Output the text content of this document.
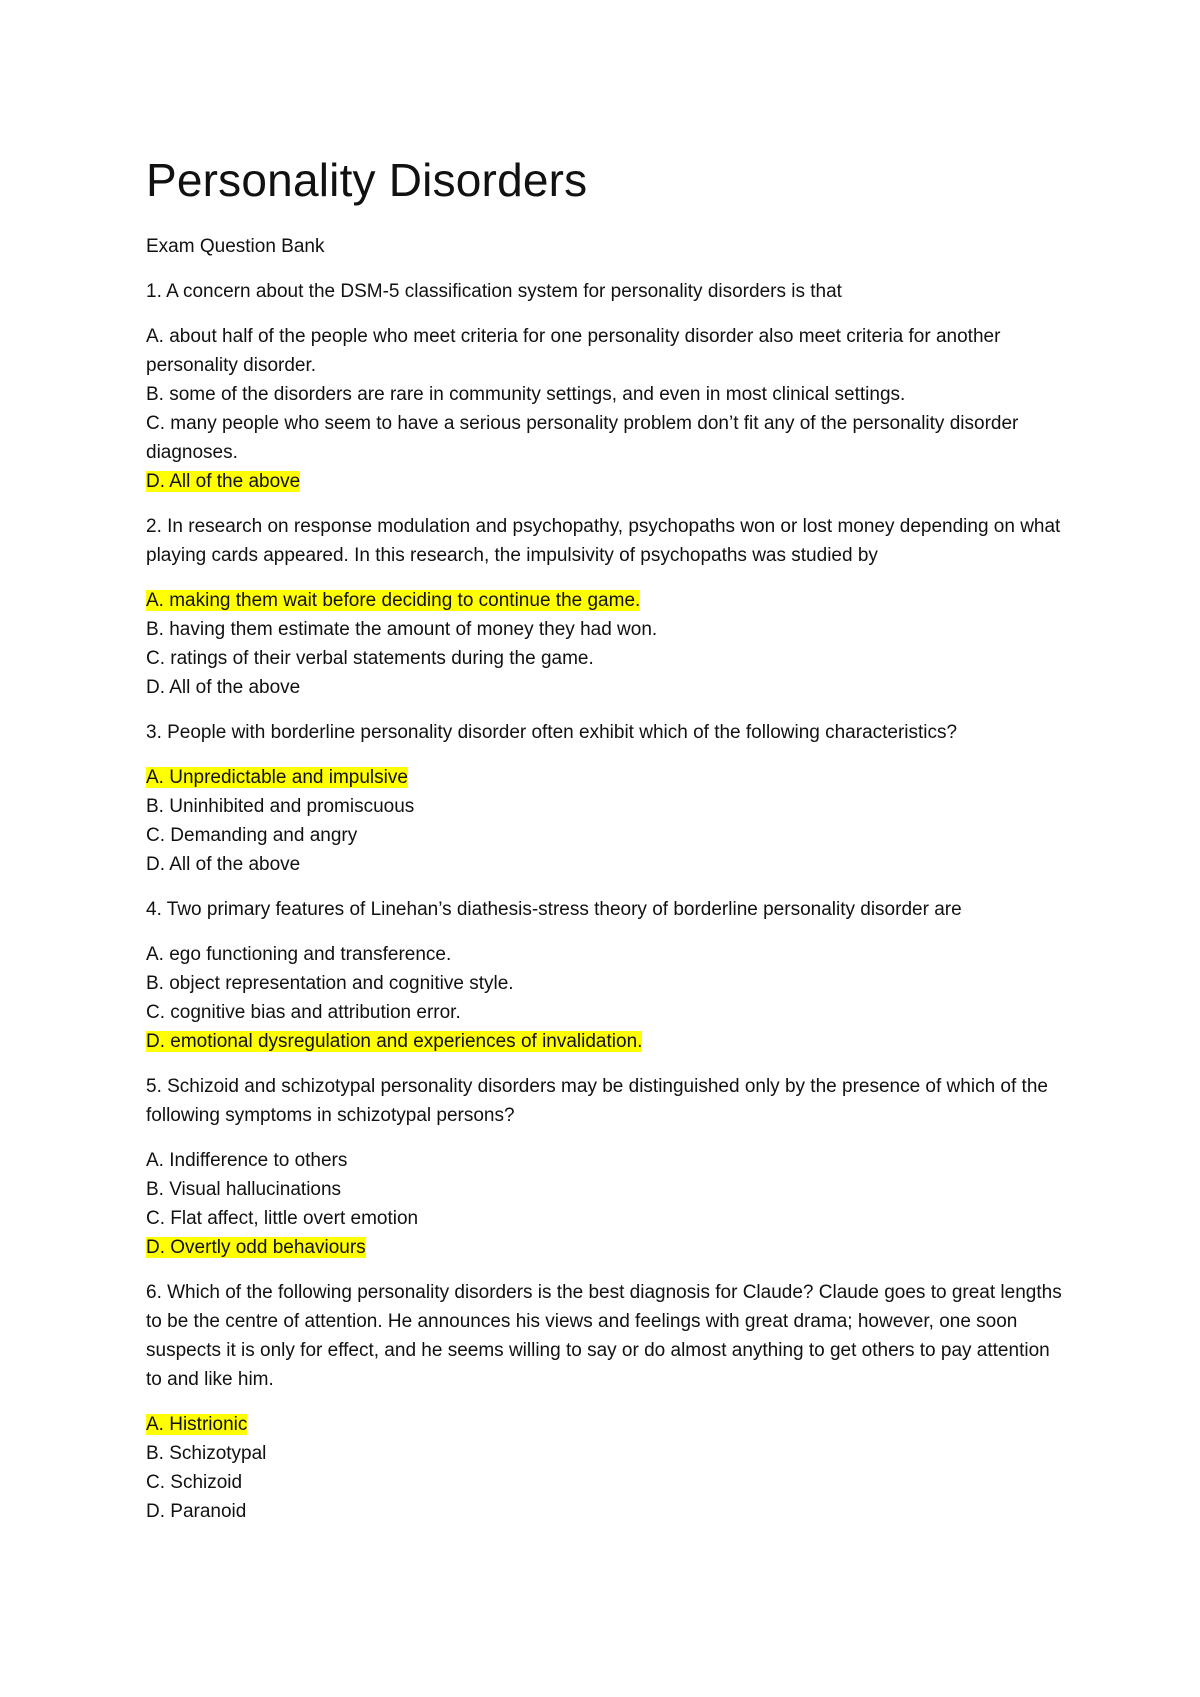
Personality Disorders
Exam Question Bank
1. A concern about the DSM-5 classification system for personality disorders is that
A. about half of the people who meet criteria for one personality disorder also meet criteria for another personality disorder.
B. some of the disorders are rare in community settings, and even in most clinical settings.
C. many people who seem to have a serious personality problem don’t fit any of the personality disorder diagnoses.
D. All of the above
2. In research on response modulation and psychopathy, psychopaths won or lost money depending on what playing cards appeared. In this research, the impulsivity of psychopaths was studied by
A. making them wait before deciding to continue the game.
B. having them estimate the amount of money they had won.
C. ratings of their verbal statements during the game.
D. All of the above
3. People with borderline personality disorder often exhibit which of the following characteristics?
A. Unpredictable and impulsive
B. Uninhibited and promiscuous
C. Demanding and angry
D. All of the above
4. Two primary features of Linehan’s diathesis-stress theory of borderline personality disorder are
A. ego functioning and transference.
B. object representation and cognitive style.
C. cognitive bias and attribution error.
D. emotional dysregulation and experiences of invalidation.
5. Schizoid and schizotypal personality disorders may be distinguished only by the presence of which of the following symptoms in schizotypal persons?
A. Indifference to others
B. Visual hallucinations
C. Flat affect, little overt emotion
D. Overtly odd behaviours
6. Which of the following personality disorders is the best diagnosis for Claude? Claude goes to great lengths to be the centre of attention. He announces his views and feelings with great drama; however, one soon suspects it is only for effect, and he seems willing to say or do almost anything to get others to pay attention to and like him.
A. Histrionic
B. Schizotypal
C. Schizoid
D. Paranoid
